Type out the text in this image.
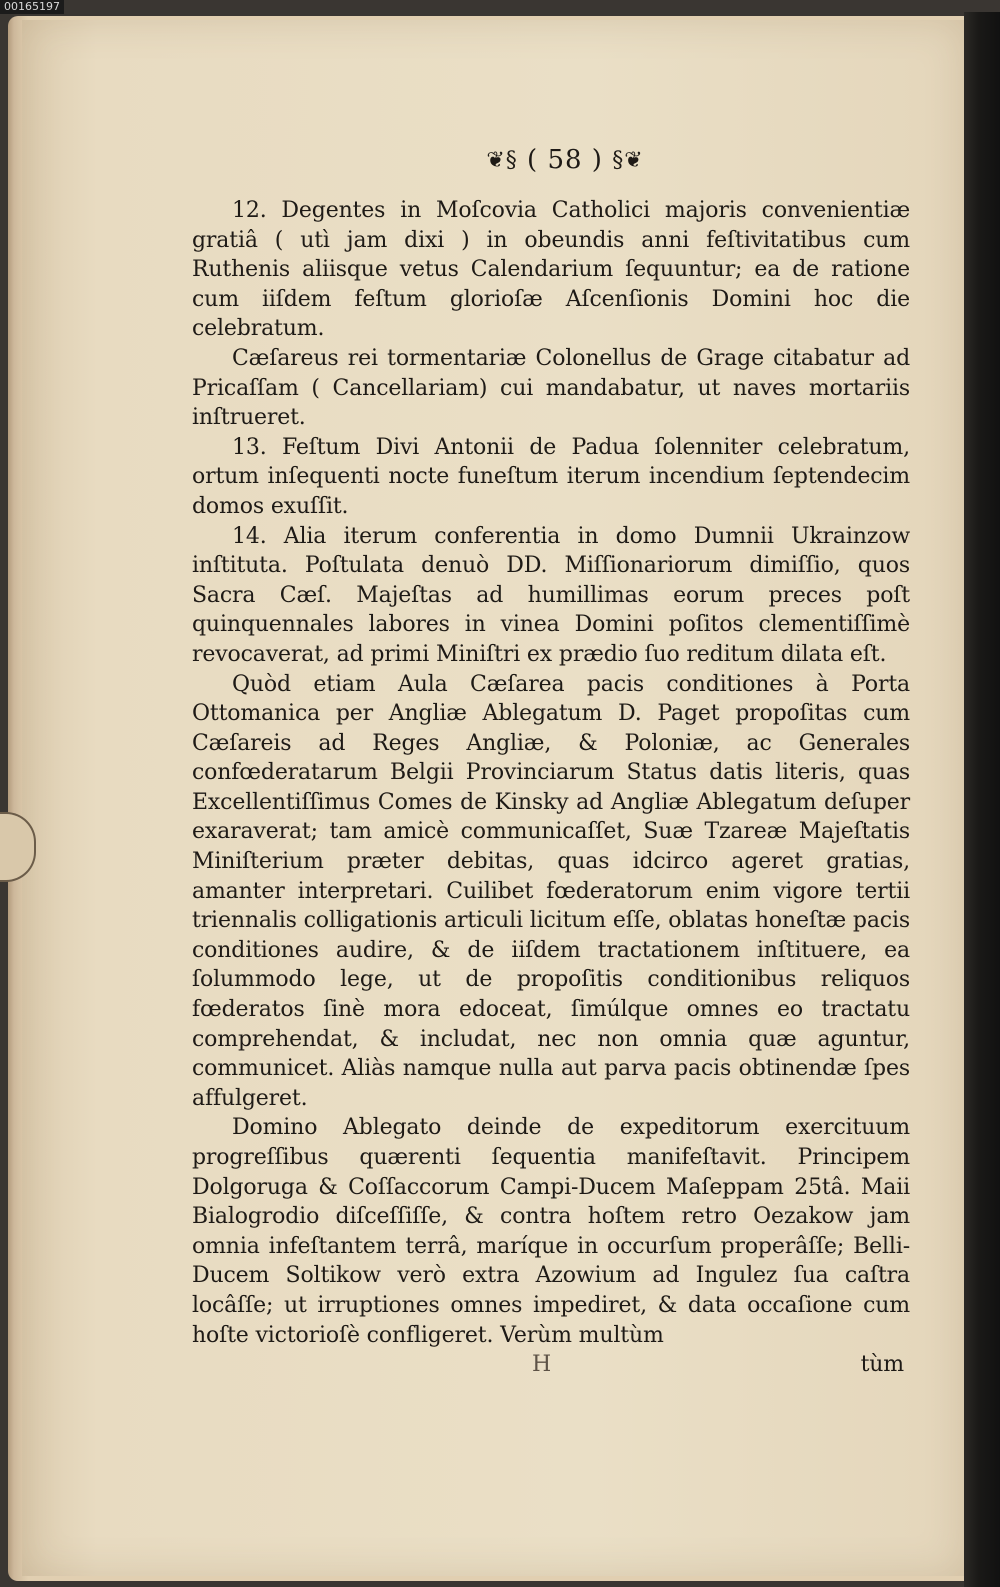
00165197
❦§ ( 58 ) §❦

12. Degentes in Moſcovia Catholici majoris convenientiæ gratiâ ( utì jam dixi ) in obeundis anni feſtivitatibus cum Ruthenis aliisque vetus Calendarium ſequuntur; ea de ratione cum iiſdem feſtum glorioſæ Aſcenſionis Domini hoc die celebratum.

Cæſareus rei tormentariæ Colonellus de Grage citabatur ad Pricaſſam ( Cancellariam) cui mandabatur, ut naves mortariis inſtrueret.

13. Feſtum Divi Antonii de Padua ſolenniter celebratum, ortum inſequenti nocte funeſtum iterum incendium ſeptendecim domos exuſſit.

14. Alia iterum conferentia in domo Dumnii Ukrainzow inſtituta. Poſtulata denuò DD. Miſſionariorum dimiſſio, quos Sacra Cæſ. Majeſtas ad humillimas eorum preces poſt quinquennales labores in vinea Domini poſitos clementiſſimè revocaverat, ad primi Miniſtri ex prædio ſuo reditum dilata eſt.

Quòd etiam Aula Cæſarea pacis conditiones à Porta Ottomanica per Angliæ Ablegatum D. Paget propoſitas cum Cæſareis ad Reges Angliæ, & Poloniæ, ac Generales confœderatarum Belgii Provinciarum Status datis literis, quas Excellentiſſimus Comes de Kinsky ad Angliæ Ablegatum deſuper exaraverat; tam amicè communicaſſet, Suæ Tzareæ Majeſtatis Miniſterium præter debitas, quas idcirco ageret gratias, amanter interpretari. Cuilibet fœderatorum enim vigore tertii triennalis colligationis articuli licitum eſſe, oblatas honeſtæ pacis conditiones audire, & de iiſdem tractationem inſtituere, ea ſolummodo lege, ut de propoſitis conditionibus reliquos fœderatos ſinè mora edoceat, ſimúlque omnes eo tractatu comprehendat, & includat, nec non omnia quæ aguntur, communicet. Aliàs namque nulla aut parva pacis obtinendæ ſpes affulgeret.

Domino Ablegato deinde de expeditorum exercituum progreſſibus quærenti ſequentia manifeſtavit. Principem Dolgoruga & Coſſaccorum Campi-Ducem Maſeppam 25tâ. Maii Bialogrodio diſceſſiſſe, & contra hoſtem retro Oezakow jam omnia infeſtantem terrâ, maríque in occurſum properâſſe; Belli-Ducem Soltikow verò extra Azowium ad Ingulez ſua caſtra locâſſe; ut irruptiones omnes impediret, & data occaſione cum hoſte victorioſè confligeret. Verùm multùm

H	tùm
